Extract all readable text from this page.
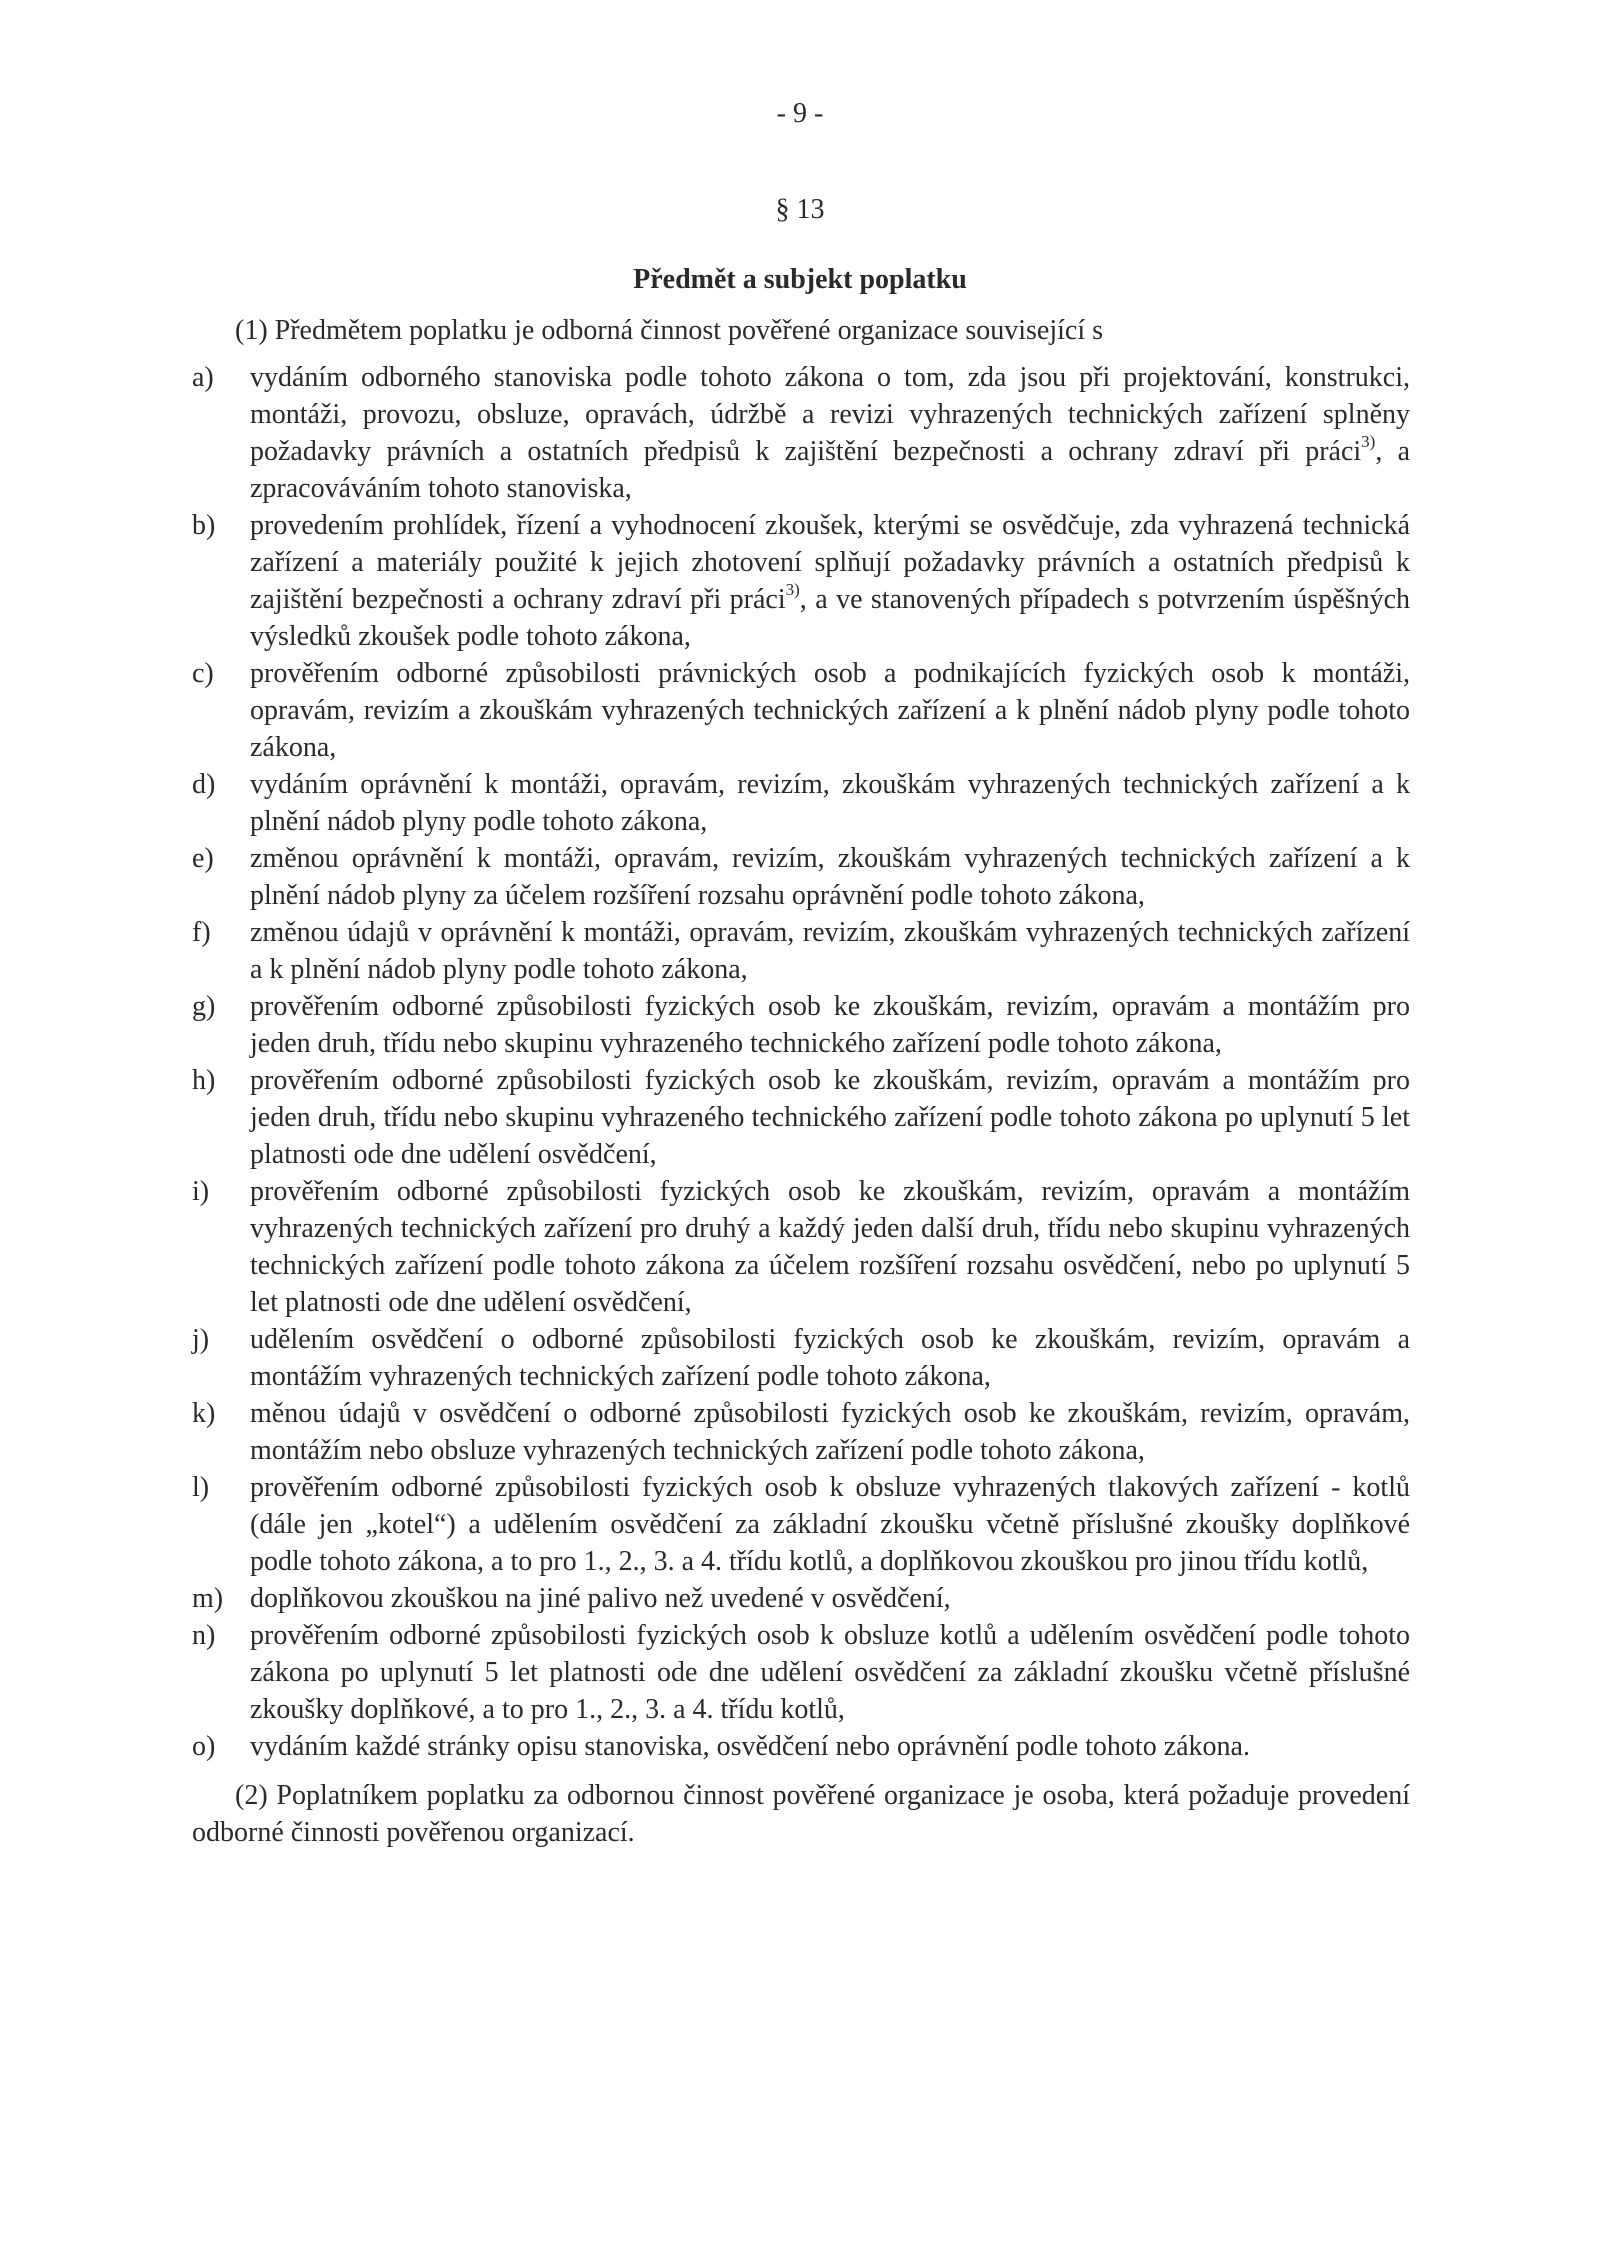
- 9 -
§ 13
Předmět a subjekt poplatku

(1) Předmětem poplatku je odborná činnost pověřené organizace související s

a) vydáním odborného stanoviska podle tohoto zákona o tom, zda jsou při projektování, konstrukci, montáži, provozu, obsluze, opravách, údržbě a revizi vyhrazených technických zařízení splněny požadavky právních a ostatních předpisů k zajištění bezpečnosti a ochrany zdraví při práci$^{3)}$, a zpracováváním tohoto stanoviska,
b) provedením prohlídek, řízení a vyhodnocení zkoušek, kterými se osvědčuje, zda vyhrazená technická zařízení a materiály použité k jejich zhotovení splňují požadavky právních a ostatních předpisů k zajištění bezpečnosti a ochrany zdraví při práci$^{3)}$, a ve stanovených případech s potvrzením úspěšných výsledků zkoušek podle tohoto zákona,
c) prověřením odborné způsobilosti právnických osob a podnikajících fyzických osob k montáži, opravám, revizím a zkouškám vyhrazených technických zařízení a k plnění nádob plyny podle tohoto zákona,
d) vydáním oprávnění k montáži, opravám, revizím, zkouškám vyhrazených technických zařízení a k plnění nádob plyny podle tohoto zákona,
e) změnou oprávnění k montáži, opravám, revizím, zkouškám vyhrazených technických zařízení a k plnění nádob plyny za účelem rozšíření rozsahu oprávnění podle tohoto zákona,
f) změnou údajů v oprávnění k montáži, opravám, revizím, zkouškám vyhrazených technických zařízení a k plnění nádob plyny podle tohoto zákona,
g) prověřením odborné způsobilosti fyzických osob ke zkouškám, revizím, opravám a montážím pro jeden druh, třídu nebo skupinu vyhrazeného technického zařízení podle tohoto zákona,
h) prověřením odborné způsobilosti fyzických osob ke zkouškám, revizím, opravám a montážím pro jeden druh, třídu nebo skupinu vyhrazeného technického zařízení podle tohoto zákona po uplynutí 5 let platnosti ode dne udělení osvědčení,
i) prověřením odborné způsobilosti fyzických osob ke zkouškám, revizím, opravám a montážím vyhrazených technických zařízení pro druhý a každý jeden další druh, třídu nebo skupinu vyhrazených technických zařízení podle tohoto zákona za účelem rozšíření rozsahu osvědčení, nebo po uplynutí 5 let platnosti ode dne udělení osvědčení,
j) udělením osvědčení o odborné způsobilosti fyzických osob ke zkouškám, revizím, opravám a montážím vyhrazených technických zařízení podle tohoto zákona,
k) měnou údajů v osvědčení o odborné způsobilosti fyzických osob ke zkouškám, revizím, opravám, montážím nebo obsluze vyhrazených technických zařízení podle tohoto zákona,
l) prověřením odborné způsobilosti fyzických osob k obsluze vyhrazených tlakových zařízení - kotlů (dále jen „kotel“) a udělením osvědčení za základní zkoušku včetně příslušné zkoušky doplňkové podle tohoto zákona, a to pro 1., 2., 3. a 4. třídu kotlů, a doplňkovou zkouškou pro jinou třídu kotlů,
m) doplňkovou zkouškou na jiné palivo než uvedené v osvědčení,
n) prověřením odborné způsobilosti fyzických osob k obsluze kotlů a udělením osvědčení podle tohoto zákona po uplynutí 5 let platnosti ode dne udělení osvědčení za základní zkoušku včetně příslušné zkoušky doplňkové, a to pro 1., 2., 3. a 4. třídu kotlů,
o) vydáním každé stránky opisu stanoviska, osvědčení nebo oprávnění podle tohoto zákona.

(2) Poplatníkem poplatku za odbornou činnost pověřené organizace je osoba, která požaduje provedení odborné činnosti pověřenou organizací.
